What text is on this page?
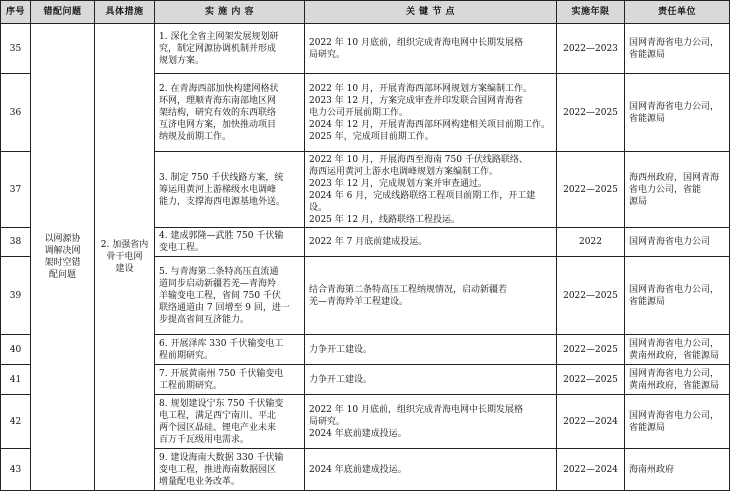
序号	错配问题	具体措施	实 施 内 容	关 键 节 点	实施年限	责任单位
35	以网源协
调解决网
架时空错
配问题	2. 加强省内
骨干电网
建设	1. 深化全省主网架发展规划研
究，制定网源协调机制并形成
规划方案。	2022 年 10 月底前，组织完成青海电网中长期发展格
局研究。	2022—2023	国网青海省电力公司，
省能源局
36			2. 在青海西部加快构建网格状
环网，理顺青海东南部地区网
架结构，研究有效的东西联络
互济电网方案，加快推动项目
纳规及前期工作。	2022 年 10 月，开展青海西部环网规划方案编制工作。
2023 年 12 月，方案完成审查并印发联合国网青海省
电力公司开展前期工作。
2024 年 12 月，开展青海西部环网构建相关项目前期工作。
2025 年，完成项目前期工作。	2022—2025	国网青海省电力公司，
省能源局
37			3. 制定 750 千伏线路方案，统
筹运用黄河上游梯级水电调峰
能力，支撑海西电源基地外送。	2022 年 10 月，开展海西至海南 750 千伏线路联络、
海西运用黄河上游水电调峰规划方案编制工作。
2023 年 12 月，完成规划方案并审查通过。
2024 年 6 月，完成线路联络工程项目前期工作，开工建设。
2025 年 12 月，线路联络工程投运。	2022—2025	海西州政府，国网青海
省电力公司，省能
源局
38			4. 建成郭隆—武胜 750 千伏输
变电工程。	2022 年 7 月底前建成投运。	2022	国网青海省电力公司
39			5. 与青海第二条特高压直流通
道同步启动新疆若羌—青海羚
羊输变电工程，省间 750 千伏
联络通道由 7 回增至 9 回，进一
步提高省间互济能力。	结合青海第二条特高压工程纳规情况，启动新疆若
羌—青海羚羊工程建设。	2022—2025	国网青海省电力公司，
省能源局
40			6. 开展泽库 330 千伏输变电工
程前期研究。	力争开工建设。	2022—2025	国网青海省电力公司，
黄南州政府，省能源局
41			7. 开展黄南州 750 千伏输变电
工程前期研究。	力争开工建设。	2022—2025	国网青海省电力公司，
黄南州政府，省能源局
42			8. 规划建设宁东 750 千伏输变
电工程，满足西宁南川、平北
两个园区晶硅、锂电产业未来
百万千瓦级用电需求。	2022 年 10 月底前，组织完成青海电网中长期发展格
局研究。
2024 年底前建成投运。	2022—2024	国网青海省电力公司，
省能源局
43			9. 建设海南大数据 330 千伏输
变电工程，推进海南数据园区
增量配电业务改革。	2024 年底前建成投运。	2022—2024	海南州政府
